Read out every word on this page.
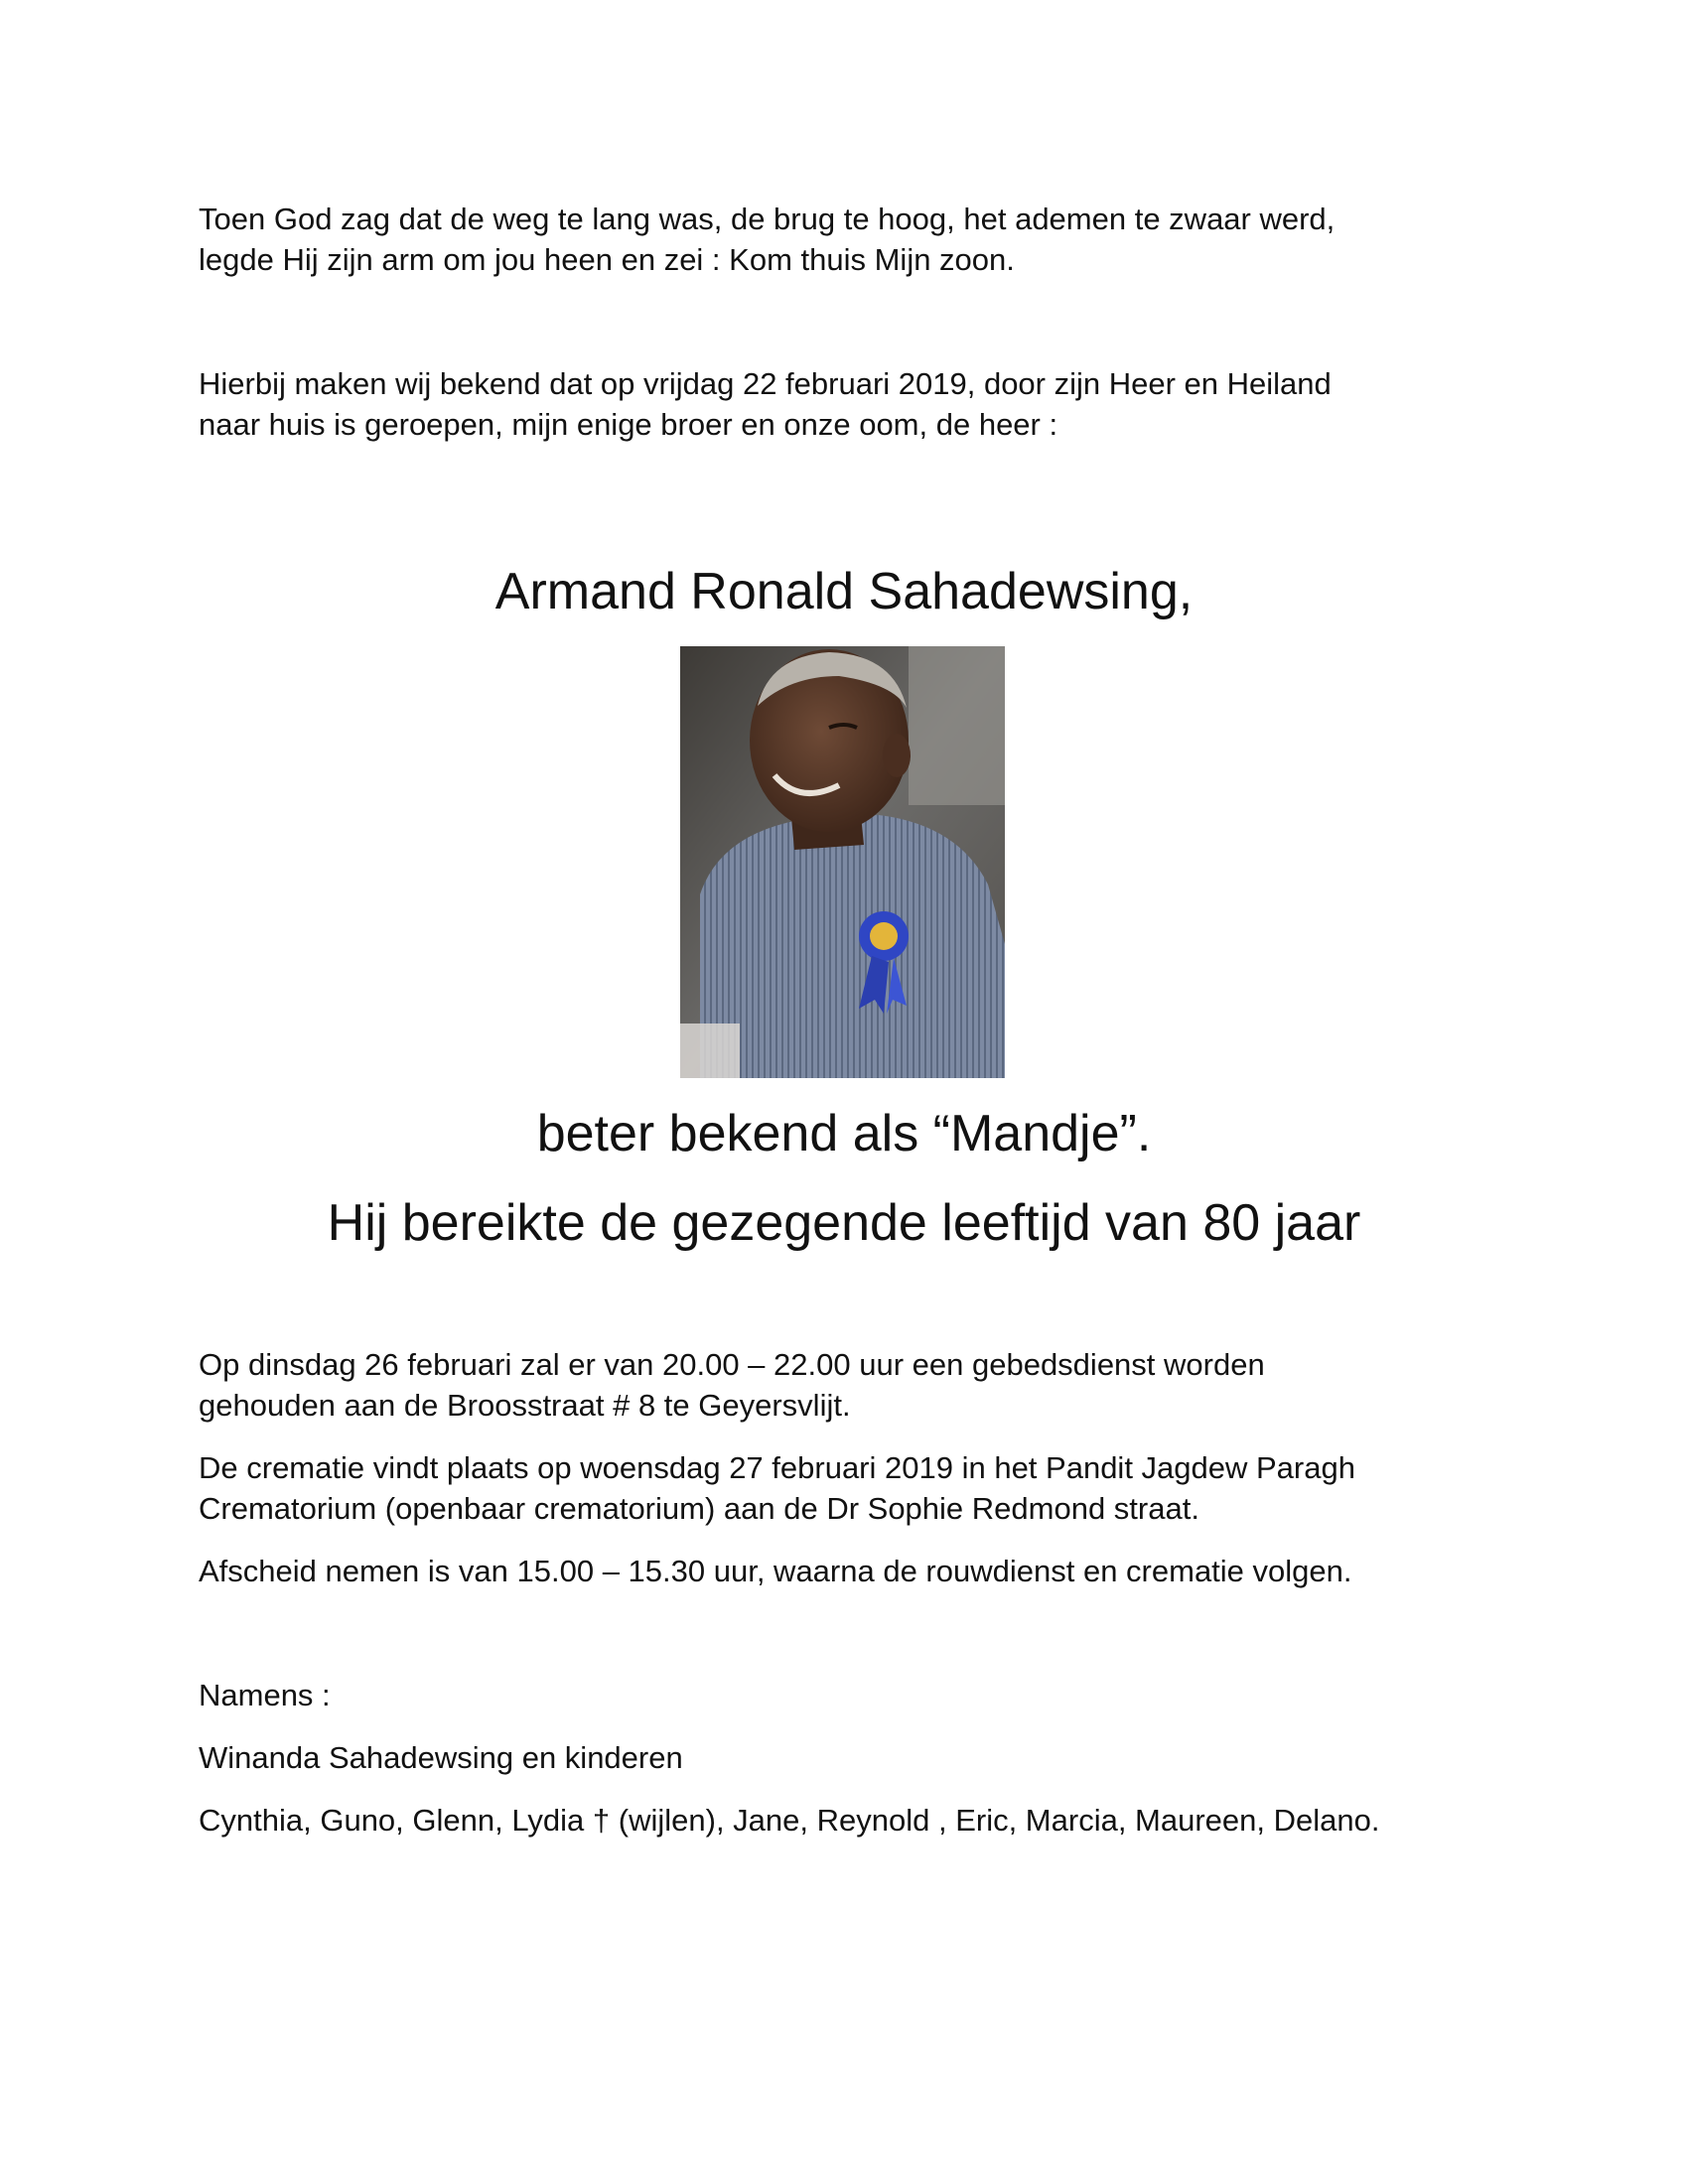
Toen God zag dat de weg te lang was, de brug te hoog, het ademen te zwaar werd,

legde Hij zijn arm om jou heen en zei : Kom thuis Mijn zoon.

Hierbij maken wij bekend dat op vrijdag 22 februari 2019, door zijn Heer en Heiland

naar huis is geroepen, mijn enige broer en onze oom, de heer :

Armand Ronald Sahadewsing,

beter bekend als “Mandje”.

Hij bereikte de gezegende leeftijd van 80 jaar

Op dinsdag 26 februari zal er van 20.00 – 22.00 uur een gebedsdienst worden

gehouden aan de Broosstraat # 8 te Geyersvlijt.

De crematie vindt plaats op woensdag 27 februari 2019 in het Pandit Jagdew Paragh

Crematorium (openbaar crematorium) aan de Dr Sophie Redmond straat.

Afscheid nemen is van 15.00 – 15.30 uur, waarna de rouwdienst en crematie volgen.

Namens :

Winanda Sahadewsing en kinderen

Cynthia, Guno, Glenn, Lydia † (wijlen), Jane, Reynold , Eric, Marcia, Maureen, Delano.
